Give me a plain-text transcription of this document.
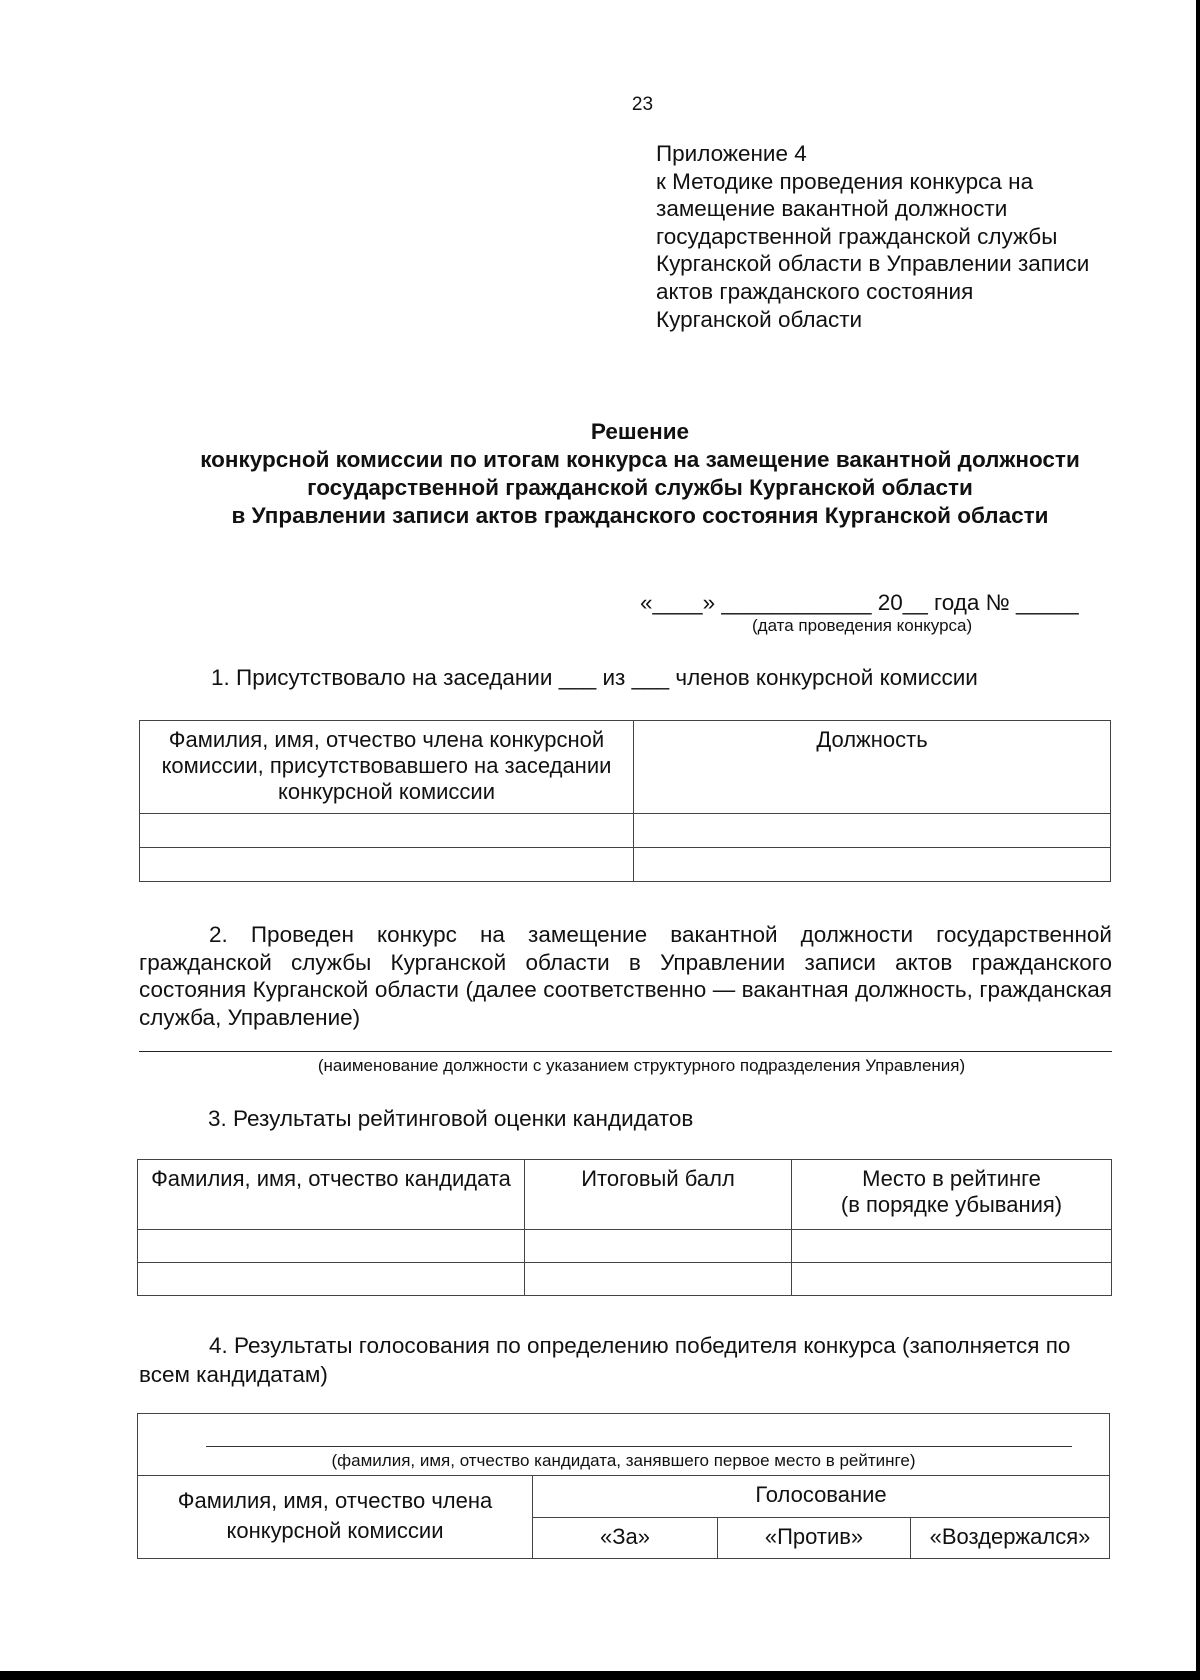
23
Приложение 4
к Методике проведения конкурса на
замещение вакантной должности
государственной гражданской службы
Курганской области в Управлении записи
актов гражданского состояния
Курганской области
Решение
конкурсной комиссии по итогам конкурса на замещение вакантной должности
государственной гражданской службы Курганской области
в Управлении записи актов гражданского состояния Курганской области
«____» ____________ 20__ года № _____
(дата проведения конкурса)
1. Присутствовало на заседании ___ из ___ членов конкурсной комиссии
Фамилия, имя, отчество члена конкурсной комиссии, присутствовавшего на заседании конкурсной комиссии	Должность

2. Проведен конкурс на замещение вакантной должности государственной
гражданской службы Курганской области в Управлении записи актов гражданского состояния Курганской области (далее соответственно — вакантная должность, гражданская служба, Управление)
(наименование должности с указанием структурного подразделения Управления)
3. Результаты рейтинговой оценки кандидатов
Фамилия, имя, отчество кандидата	Итоговый балл	Место в рейтинге
(в порядке убывания)

4. Результаты голосования по определению победителя конкурса (заполняется по
всем кандидатам)
(фамилия, имя, отчество кандидата, занявшего первое место в рейтинге)
Фамилия, имя, отчество члена
конкурсной комиссии	Голосование		
	«За»	«Против»	«Воздержался»
